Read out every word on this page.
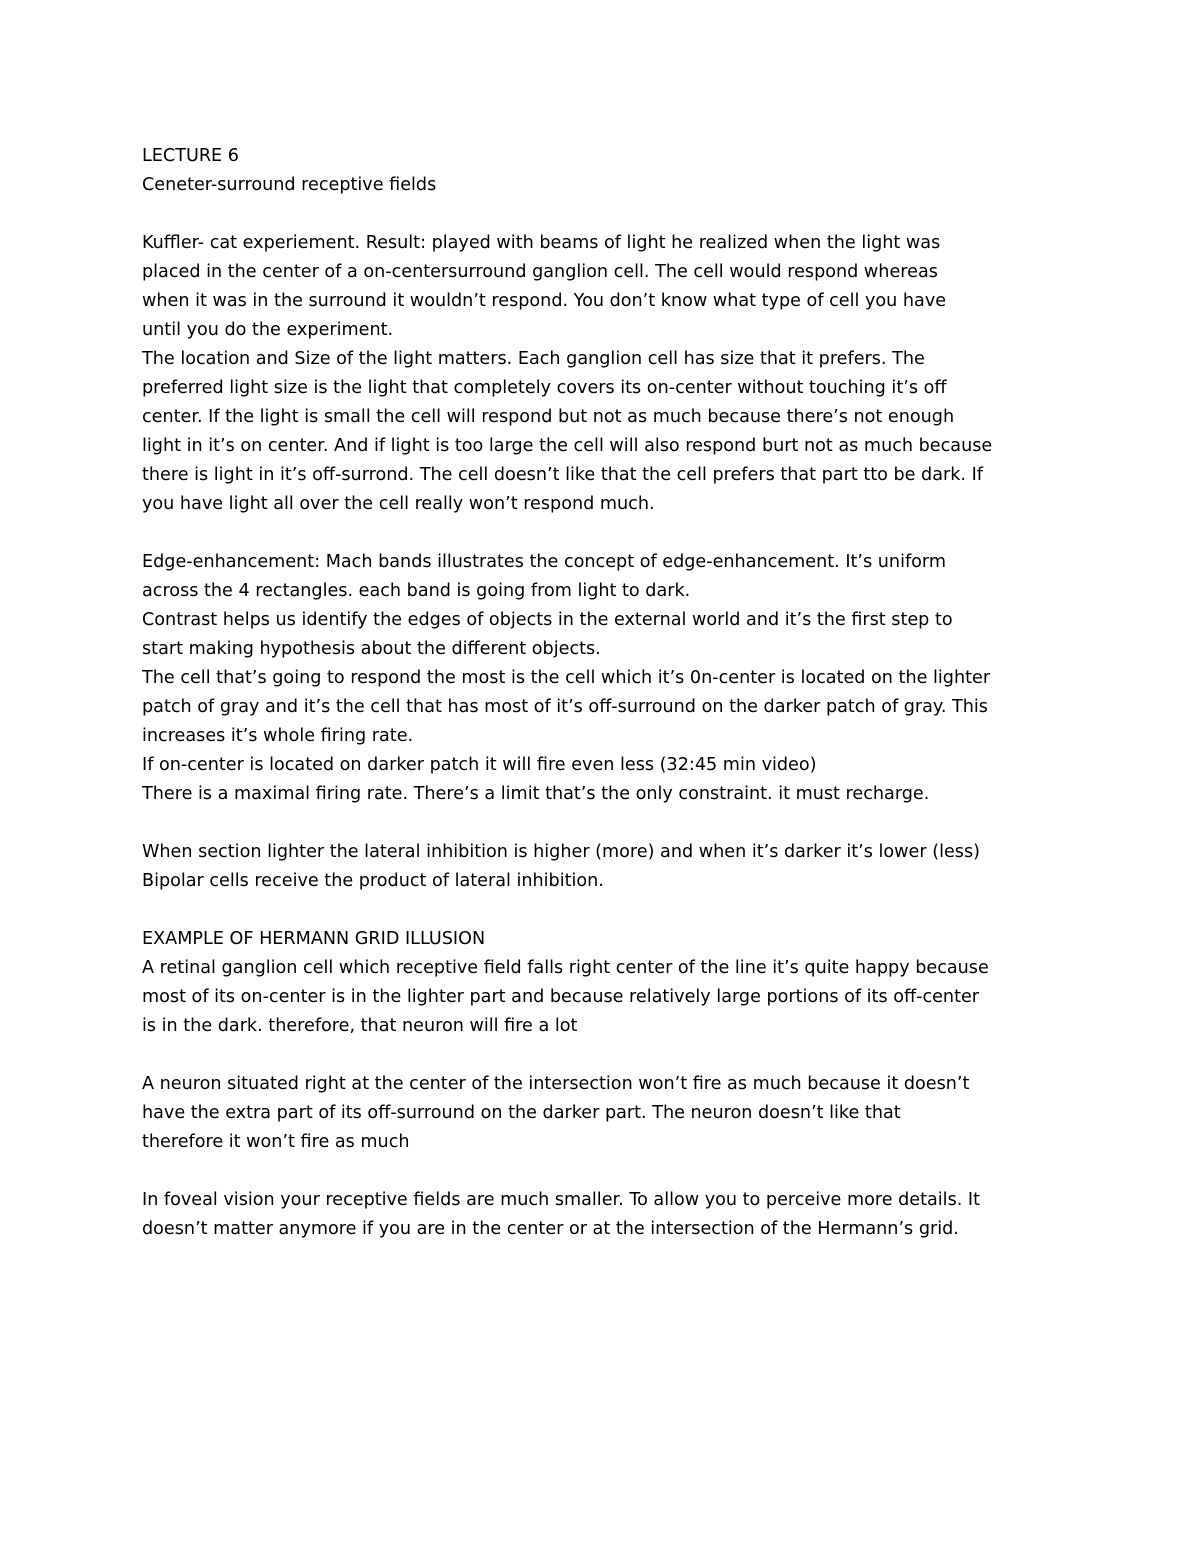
LECTURE 6
Ceneter-surround receptive fields
Kuffler- cat experiement. Result: played with beams of light he realized when the light was
placed in the center of a on-centersurround ganglion cell. The cell would respond whereas
when it was in the surround it wouldn’t respond. You don’t know what type of cell you have
until you do the experiment.
The location and Size of the light matters. Each ganglion cell has size that it prefers. The
preferred light size is the light that completely covers its on-center without touching it’s off
center. If the light is small the cell will respond but not as much because there’s not enough
light in it’s on center. And if light is too large the cell will also respond burt not as much because
there is light in it’s off-surrond. The cell doesn’t like that the cell prefers that part tto be dark. If
you have light all over the cell really won’t respond much.
Edge-enhancement: Mach bands illustrates the concept of edge-enhancement. It’s uniform
across the 4 rectangles. each band is going from light to dark.
Contrast helps us identify the edges of objects in the external world and it’s the first step to
start making hypothesis about the different objects.
The cell that’s going to respond the most is the cell which it’s 0n-center is located on the lighter
patch of gray and it’s the cell that has most of it’s off-surround on the darker patch of gray. This
increases it’s whole firing rate.
If on-center is located on darker patch it will fire even less (32:45 min video)
There is a maximal firing rate. There’s a limit that’s the only constraint. it must recharge.
When section lighter the lateral inhibition is higher (more) and when it’s darker it’s lower (less)
Bipolar cells receive the product of lateral inhibition.
EXAMPLE OF HERMANN GRID ILLUSION
A retinal ganglion cell which receptive field falls right center of the line it’s quite happy because
most of its on-center is in the lighter part and because relatively large portions of its off-center
is in the dark. therefore, that neuron will fire a lot
A neuron situated right at the center of the intersection won’t fire as much because it doesn’t
have the extra part of its off-surround on the darker part. The neuron doesn’t like that
therefore it won’t fire as much
In foveal vision your receptive fields are much smaller. To allow you to perceive more details. It
doesn’t matter anymore if you are in the center or at the intersection of the Hermann’s grid.
